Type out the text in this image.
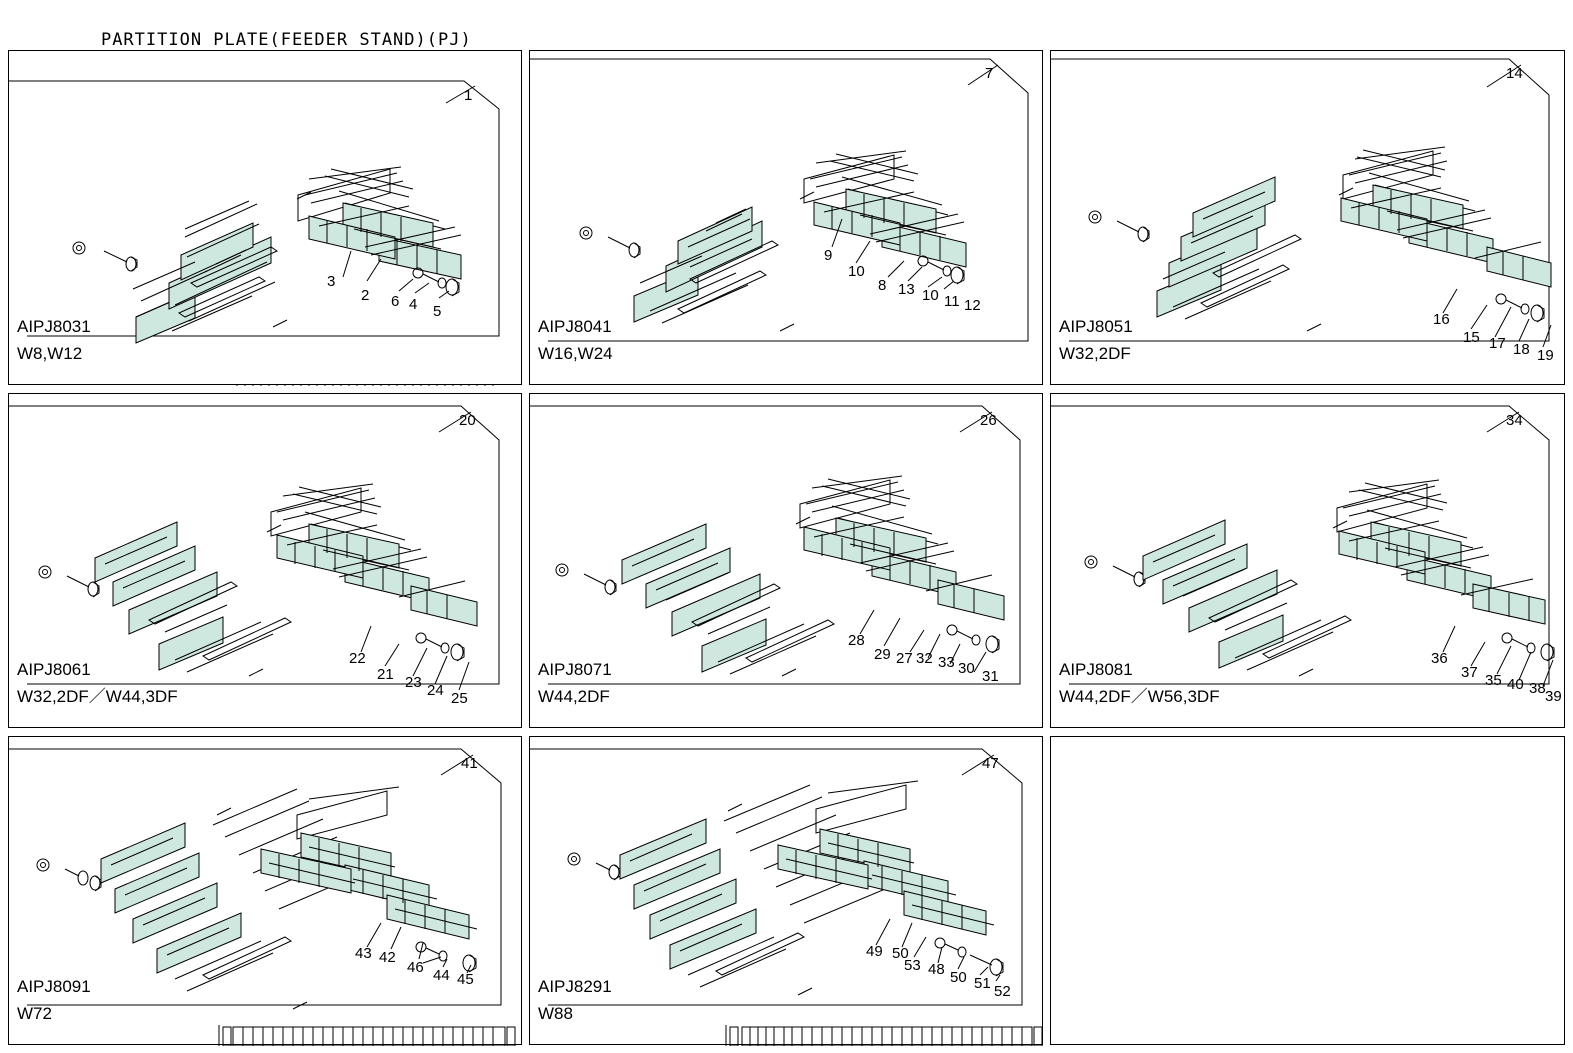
PARTITION PLATE(FEEDER STAND)(PJ)

1
3
2 6 4 5
AIPJ8031
W8,W12
7
9
10
8 13 10 11 12
AIPJ8041
W16,W24
14
16
15 17 18 19
AIPJ8051
W32,2DF
20
22
21 23 24 25
AIPJ8061
W32,2DF／W44,3DF
26
28
29 27 32 33 30 31
AIPJ8071
W44,2DF
34
36
37 35 40 38 39
AIPJ8081
W44,2DF／W56,3DF
41
43 42
46 44 45
AIPJ8091
W72
47
49 50
53 48 50 51 52
AIPJ8291
W88
